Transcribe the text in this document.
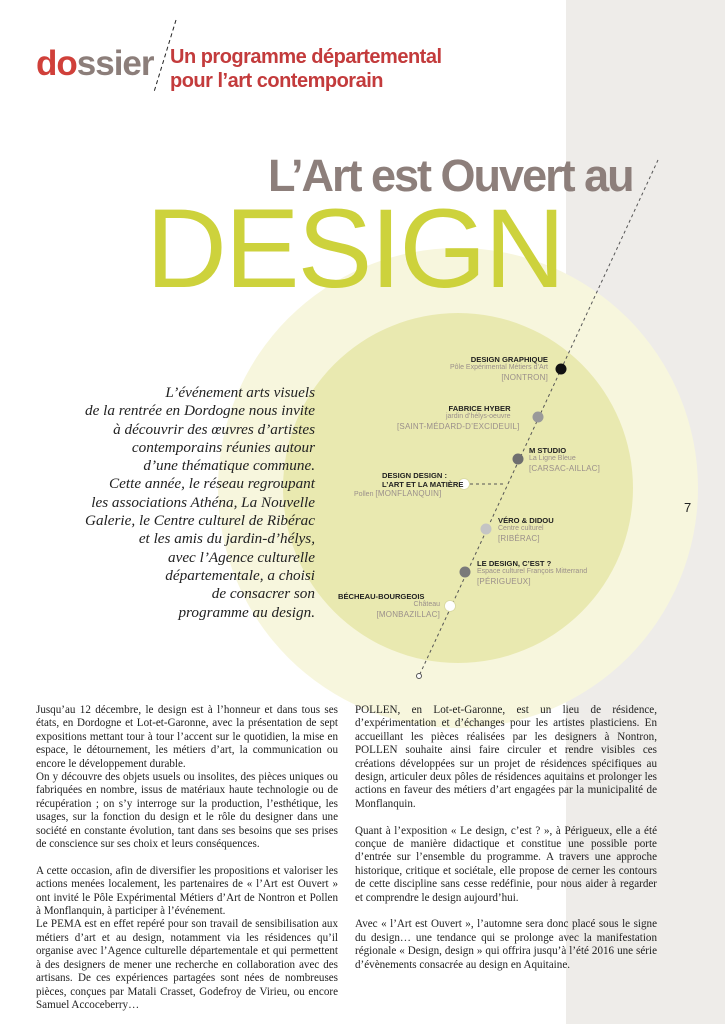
dossier Un programme départemental
pour l’art contemporain
L’Art est Ouvert au
DESIGN
L’événement arts visuels
de la rentrée en Dordogne nous invite
à découvrir des œuvres d’artistes
contemporains réunies autour
d’une thématique commune.
Cette année, le réseau regroupant
les associations Athéna, La Nouvelle
Galerie, le Centre culturel de Ribérac
et les amis du jardin-d’hélys,
avec l’Agence culturelle
départementale, a choisi
de consacrer son
programme au design.
7
DESIGN GRAPHIQUE
Pôle Expérimental Métiers d’Art
[NONTRON]
FABRICE HYBER
jardin d’hélys-oeuvre
[SAINT-MÉDARD-D’EXCIDEUIL]
M STUDIO
La Ligne Bleue
[CARSAC-AILLAC]
DESIGN DESIGN :
L’ART ET LA MATIÈRE
Pollen [MONFLANQUIN]
VÉRO & DIDOU
Centre culturel
[RIBÉRAC]
LE DESIGN, C’EST ?
Espace culturel François Mitterrand
[PÉRIGUEUX]
BÉCHEAU-BOURGEOIS
Château
[MONBAZILLAC]

Jusqu’au 12 décembre, le design est à l’honneur et dans tous ses états, en Dordogne et Lot-et-Garonne, avec la présentation de sept expositions mettant tour à tour l’accent sur le quotidien, la mise en espace, le détournement, les métiers d’art, la communication ou encore le développement durable.

On y découvre des objets usuels ou insolites, des pièces uniques ou fabriquées en nombre, issus de matériaux haute technologie ou de récupération ; on s’y interroge sur la production, l’esthétique, les usages, sur la fonction du design et le rôle du designer dans une société en constante évolution, tant dans ses besoins que ses prises de conscience sur ses choix et leurs conséquences.

A cette occasion, afin de diversifier les propositions et valoriser les actions menées localement, les partenaires de « l’Art est Ouvert » ont invité le Pôle Expérimental Métiers d’Art de Nontron et Pollen à Monflanquin, à participer à l’événement.

Le PEMA est en effet repéré pour son travail de sensibilisation aux métiers d’art et au design, notamment via les résidences qu’il organise avec l’Agence culturelle départementale et qui permettent à des designers de mener une recherche en collaboration avec des artisans. De ces expériences partagées sont nées de nombreuses pièces, conçues par Matali Crasset, Godefroy de Virieu, ou encore Samuel Accoceberry…

POLLEN, en Lot-et-Garonne, est un lieu de résidence, d’expérimentation et d’échanges pour les artistes plasticiens. En accueillant les pièces réalisées par les designers à Nontron, POLLEN souhaite ainsi faire circuler et rendre visibles ces créations développées sur un projet de résidences spécifiques au design, articuler deux pôles de résidences aquitains et prolonger les actions en faveur des métiers d’art engagées par la municipalité de Monflanquin.

Quant à l’exposition « Le design, c’est ? », à Périgueux, elle a été conçue de manière didactique et constitue une possible porte d’entrée sur l’ensemble du programme. A travers une approche historique, critique et sociétale, elle propose de cerner les contours de cette discipline sans cesse redéfinie, pour nous aider à regarder et comprendre le design aujourd’hui.

Avec « l’Art est Ouvert », l’automne sera donc placé sous le signe du design… une tendance qui se prolonge avec la manifestation régionale « Design, design » qui offrira jusqu’à l’été 2016 une série d’évènements consacrée au design en Aquitaine.
